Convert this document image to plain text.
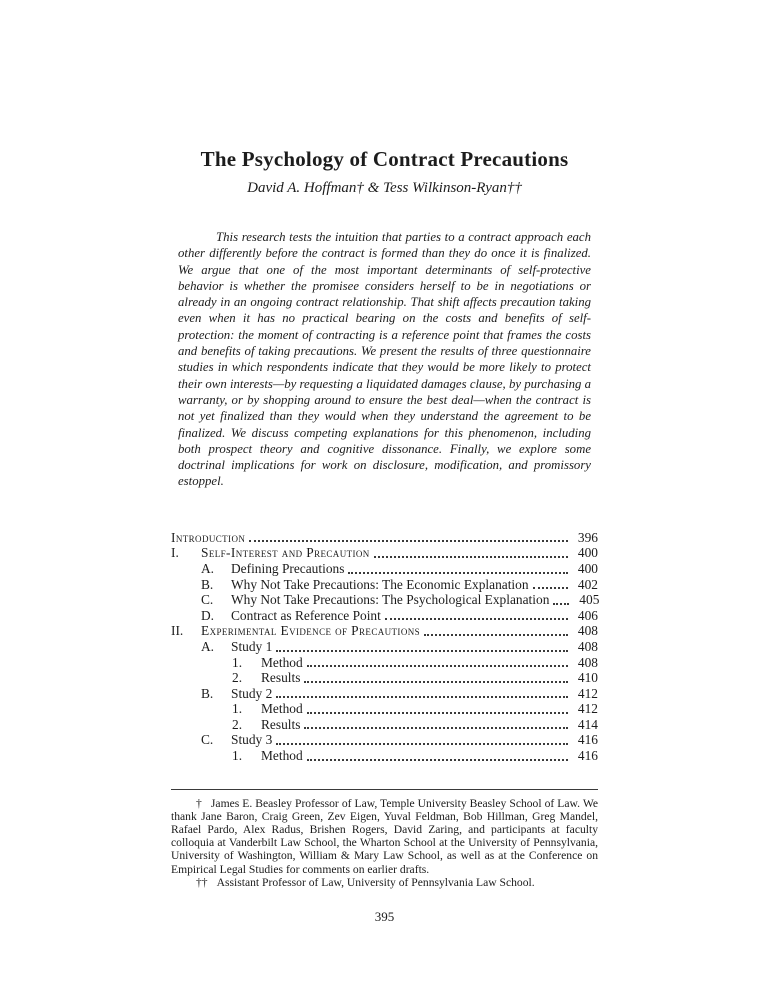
The Psychology of Contract Precautions
David A. Hoffman† & Tess Wilkinson-Ryan††

This research tests the intuition that parties to a contract approach each other differently before the contract is formed than they do once it is finalized. We argue that one of the most important determinants of self-protective behavior is whether the promisee considers herself to be in negotiations or already in an ongoing contract relationship. That shift affects precaution taking even when it has no practical bearing on the costs and benefits of self-protection: the moment of contracting is a reference point that frames the costs and benefits of taking precautions. We present the results of three questionnaire studies in which respondents indicate that they would be more likely to protect their own interests—by requesting a liquidated damages clause, by purchasing a warranty, or by shopping around to ensure the best deal—when the contract is not yet finalized than they would when they understand the agreement to be finalized. We discuss competing explanations for this phenomenon, including both prospect theory and cognitive dissonance. Finally, we explore some doctrinal implications for work on disclosure, modification, and promissory estoppel.

Introduction	396
I.	Self-Interest and Precaution	400
A.	Defining Precautions	400
B.	Why Not Take Precautions: The Economic Explanation	402
C.	Why Not Take Precautions: The Psychological Explanation	405
D.	Contract as Reference Point	406
II.	Experimental Evidence of Precautions	408
A.	Study 1	408
1.	Method	408
2.	Results	410
B.	Study 2	412
1.	Method	412
2.	Results	414
C.	Study 3	416
1.	Method	416

† James E. Beasley Professor of Law, Temple University Beasley School of Law. We thank Jane Baron, Craig Green, Zev Eigen, Yuval Feldman, Bob Hillman, Greg Mandel, Rafael Pardo, Alex Radus, Brishen Rogers, David Zaring, and participants at faculty colloquia at Vanderbilt Law School, the Wharton School at the University of Pennsylvania, University of Washington, William & Mary Law School, as well as at the Conference on Empirical Legal Studies for comments on earlier drafts.

†† Assistant Professor of Law, University of Pennsylvania Law School.

395
